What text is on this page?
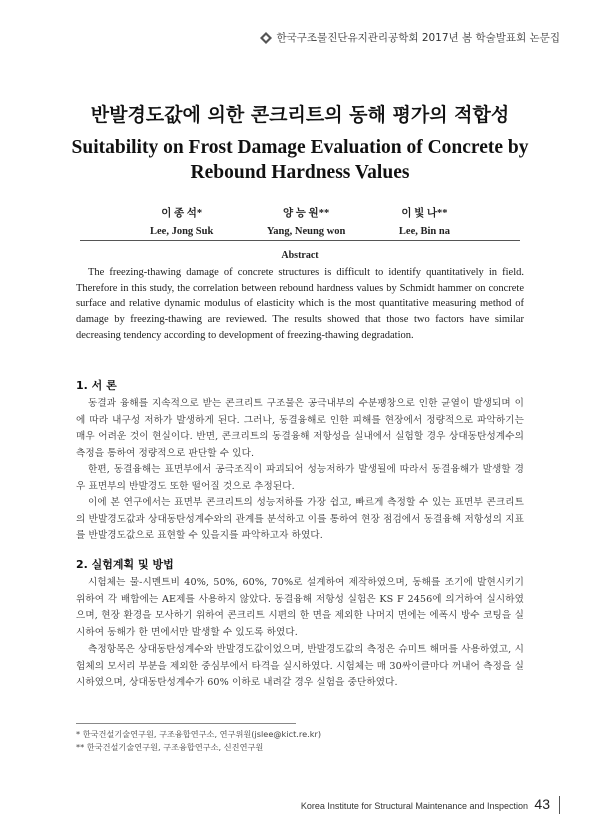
한국구조물진단유지관리공학회 2017년 봄 학술발표회 논문집
반발경도값에 의한 콘크리트의 동해 평가의 적합성
Suitability on Frost Damage Evaluation of Concrete by Rebound Hardness Values
이 종 석*
Lee, Jong Suk
양 능 원**
Yang, Neung won
이 빛 나**
Lee, Bin na
Abstract

The freezing-thawing damage of concrete structures is difficult to identify quantitatively in field. Therefore in this study, the correlation between rebound hardness values by Schmidt hammer on concrete surface and relative dynamic modulus of elasticity which is the most quantitative measuring method of damage by freezing-thawing are reviewed. The results showed that those two factors have similar decreasing tendency according to development of freezing-thawing degradation.

1. 서 론

동결과 융해를 지속적으로 받는 콘크리트 구조물은 공극내부의 수분팽창으로 인한 균열이 발생되며 이에 따라 내구성 저하가 발생하게 된다. 그러나, 동결융해로 인한 피해를 현장에서 정량적으로 파악하기는 매우 어려운 것이 현실이다. 반면, 콘크리트의 동결융해 저항성을 실내에서 실험할 경우 상대동탄성계수의 측정을 통하여 정량적으로 판단할 수 있다.

한편, 동결융해는 표면부에서 공극조직이 파괴되어 성능저하가 발생될에 따라서 동결융해가 발생할 경우 표면부의 반발경도 또한 떨어질 것으로 추정된다.

이에 본 연구에서는 표면부 콘크리트의 성능저하를 가장 쉽고, 빠르게 측정할 수 있는 표면부 콘크리트의 반발경도값과 상대동탄성계수와의 관계를 분석하고 이를 통하여 현장 점검에서 동결융해 저항성의 지표를 반발경도값으로 표현할 수 있을지를 파악하고자 하였다.

2. 실험계획 및 방법

시험체는 물-시멘트비 40%, 50%, 60%, 70%로 설계하여 제작하였으며, 동해를 조기에 발현시키기 위하여 각 배합에는 AE제를 사용하지 않았다. 동결융해 저항성 실험은 KS F 2456에 의거하여 실시하였으며, 현장 환경을 모사하기 위하여 콘크리트 시편의 한 면을 제외한 나머지 면에는 에폭시 방수 코팅을 실시하여 동해가 한 면에서만 발생할 수 있도록 하였다.

측정항목은 상대동탄성계수와 반발경도값이었으며, 반발경도값의 측정은 슈미트 해머를 사용하였고, 시험체의 모서리 부분을 제외한 중심부에서 타격을 실시하였다. 시험체는 매 30싸이클마다 꺼내어 측정을 실시하였으며, 상대동탄성계수가 60% 이하로 내려갈 경우 실험을 중단하였다.

* 한국건설기술연구원, 구조융합연구소, 연구위원(jslee@kict.re.kr)
** 한국건설기술연구원, 구조융합연구소, 신진연구원
Korea Institute for Structural Maintenance and Inspection 43
